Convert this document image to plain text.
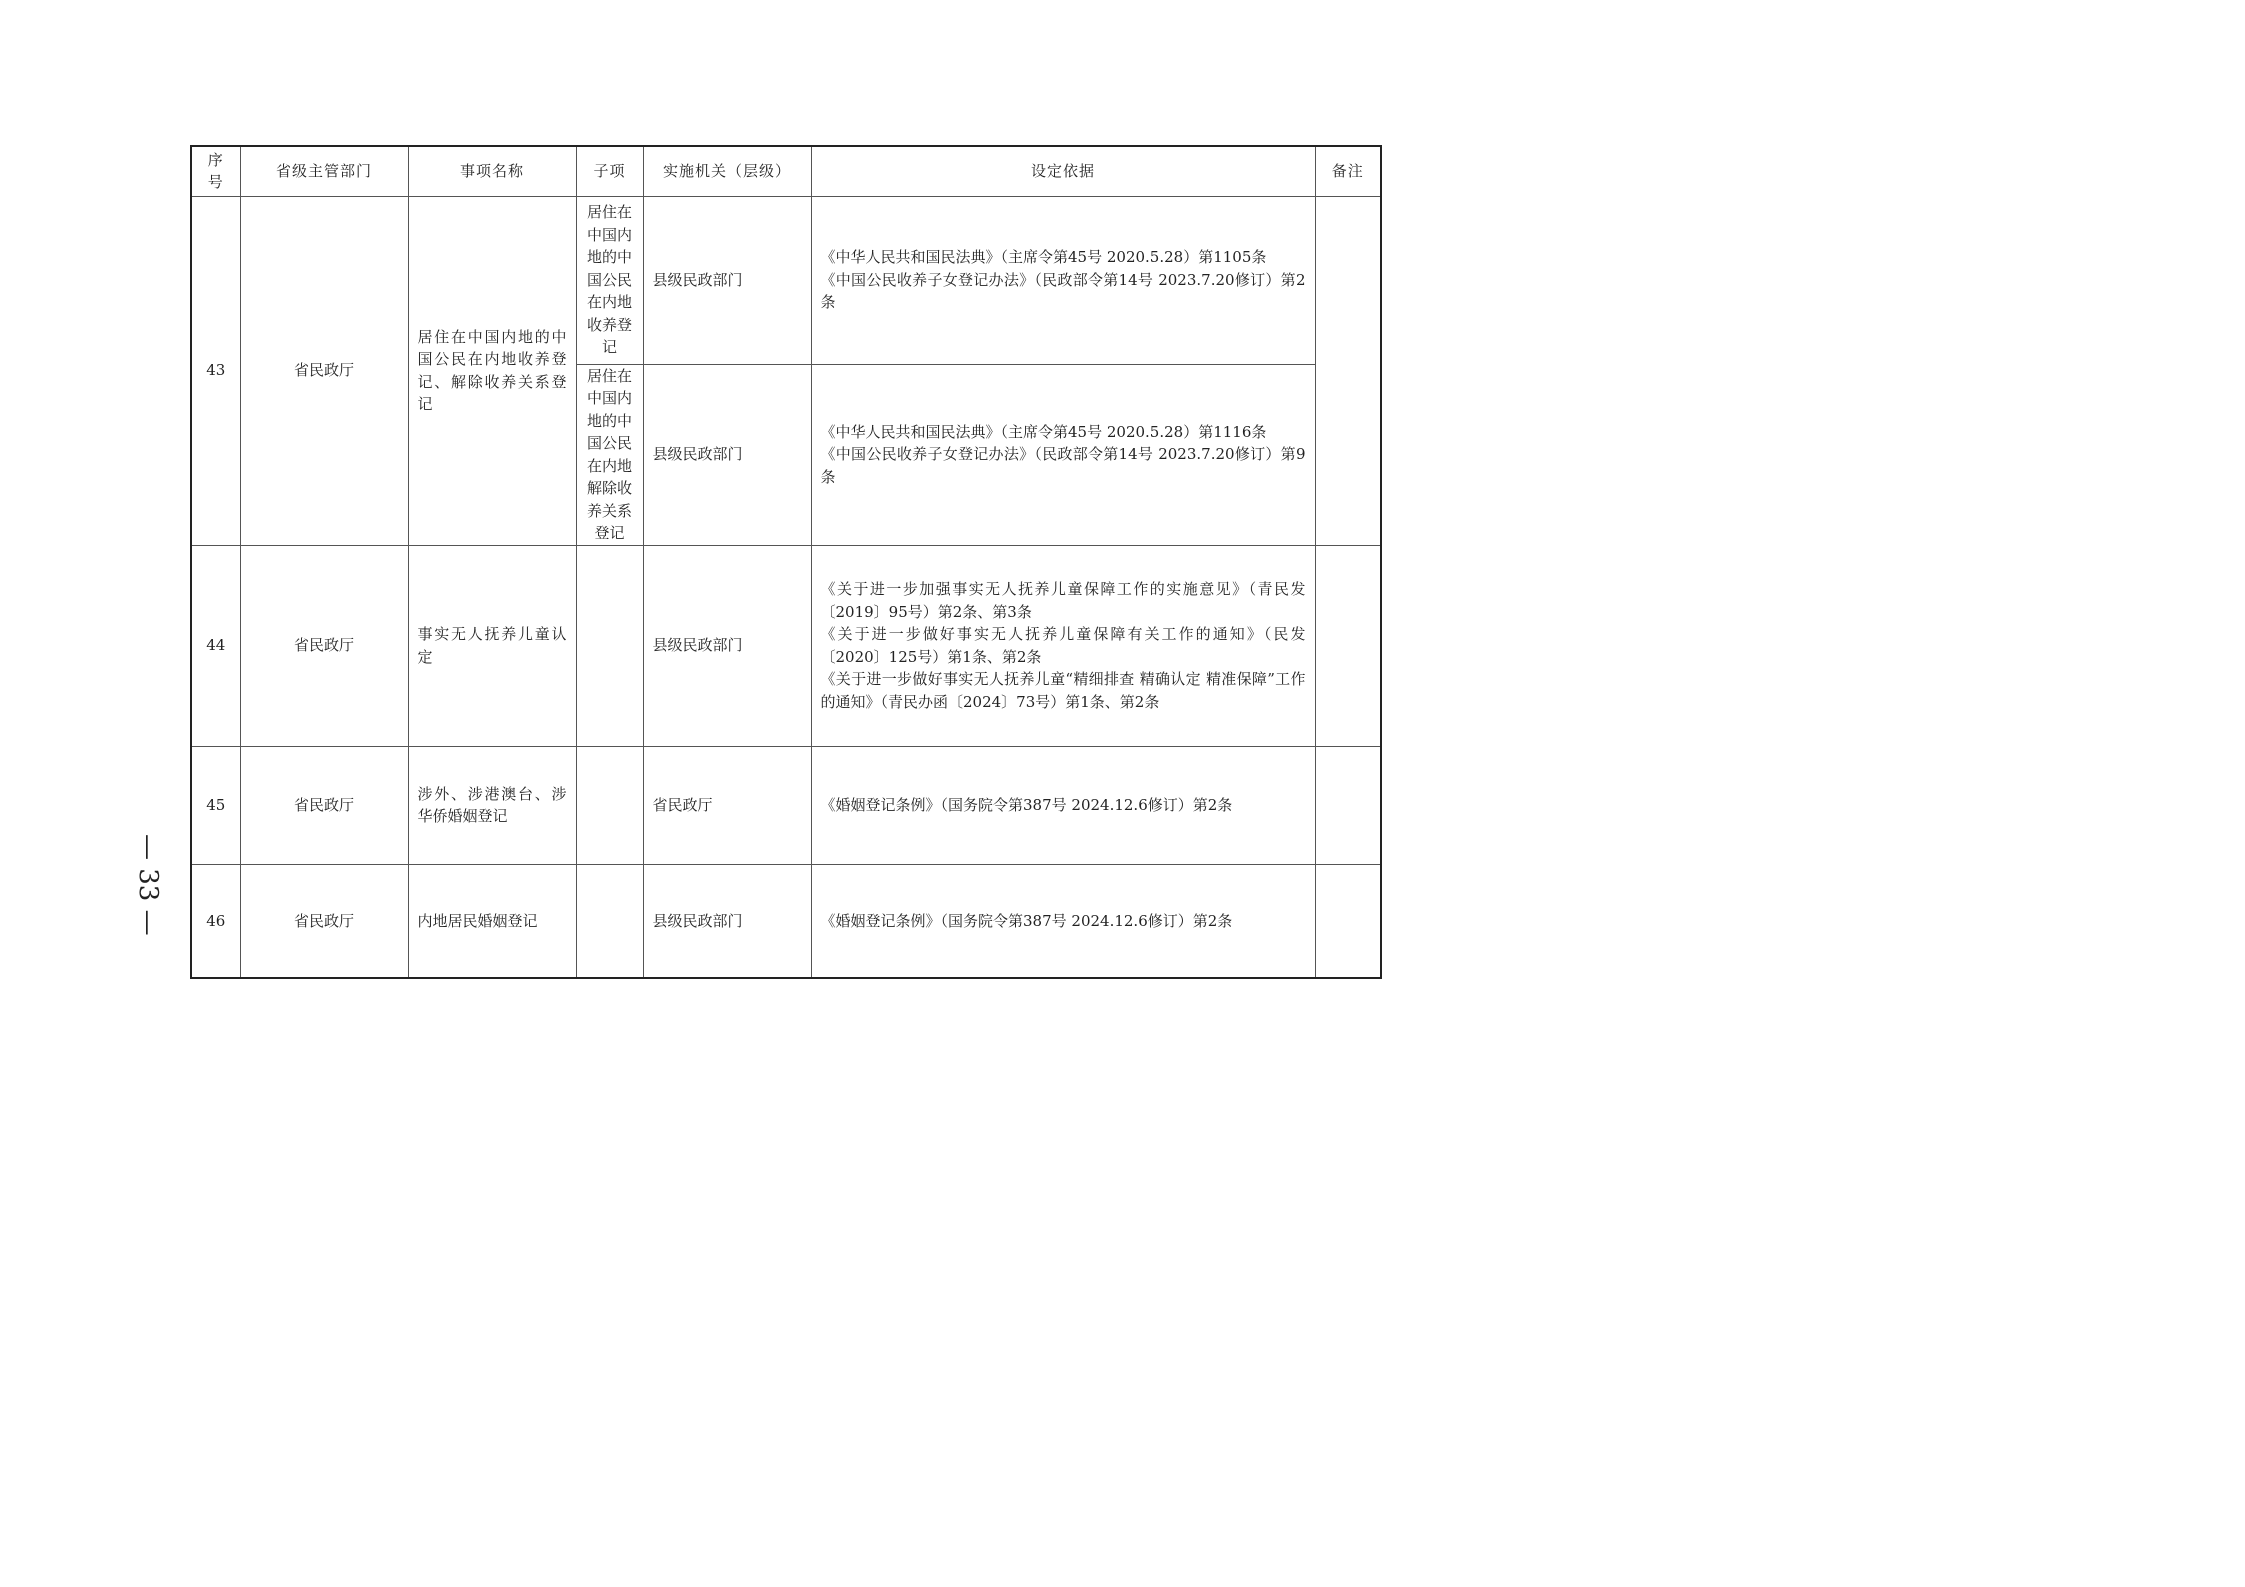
序号	省级主管部门	事项名称	子项	实施机关（层级）	设定依据	备注
43	省民政厅	居住在中国内地的中国公民在内地收养登记、解除收养关系登记	居住在中国内地的中国公民在内地收养登记	县级民政部门	《中华人民共和国民法典》（主席令第45号 2020.5.28）第1105条
《中国公民收养子女登记办法》（民政部令第14号 2023.7.20修订）第2条	

			居住在中国内地的中国公民在内地解除收养关系登记	县级民政部门	《中华人民共和国民法典》（主席令第45号 2020.5.28）第1116条
《中国公民收养子女登记办法》（民政部令第14号 2023.7.20修订）第9条	

44	省民政厅	事实无人抚养儿童认定		县级民政部门	《关于进一步加强事实无人抚养儿童保障工作的实施意见》（青民发〔2019〕95号）第2条、第3条
《关于进一步做好事实无人抚养儿童保障有关工作的通知》（民发〔2020〕125号）第1条、第2条
《关于进一步做好事实无人抚养儿童“精细排查 精确认定 精准保障”工作的通知》（青民办函〔2024〕73号）第1条、第2条	

45	省民政厅	涉外、涉港澳台、涉华侨婚姻登记		省民政厅	《婚姻登记条例》（国务院令第387号 2024.12.6修订）第2条	

46	省民政厅	内地居民婚姻登记		县级民政部门	《婚姻登记条例》（国务院令第387号 2024.12.6修订）第2条	

— 33 —
